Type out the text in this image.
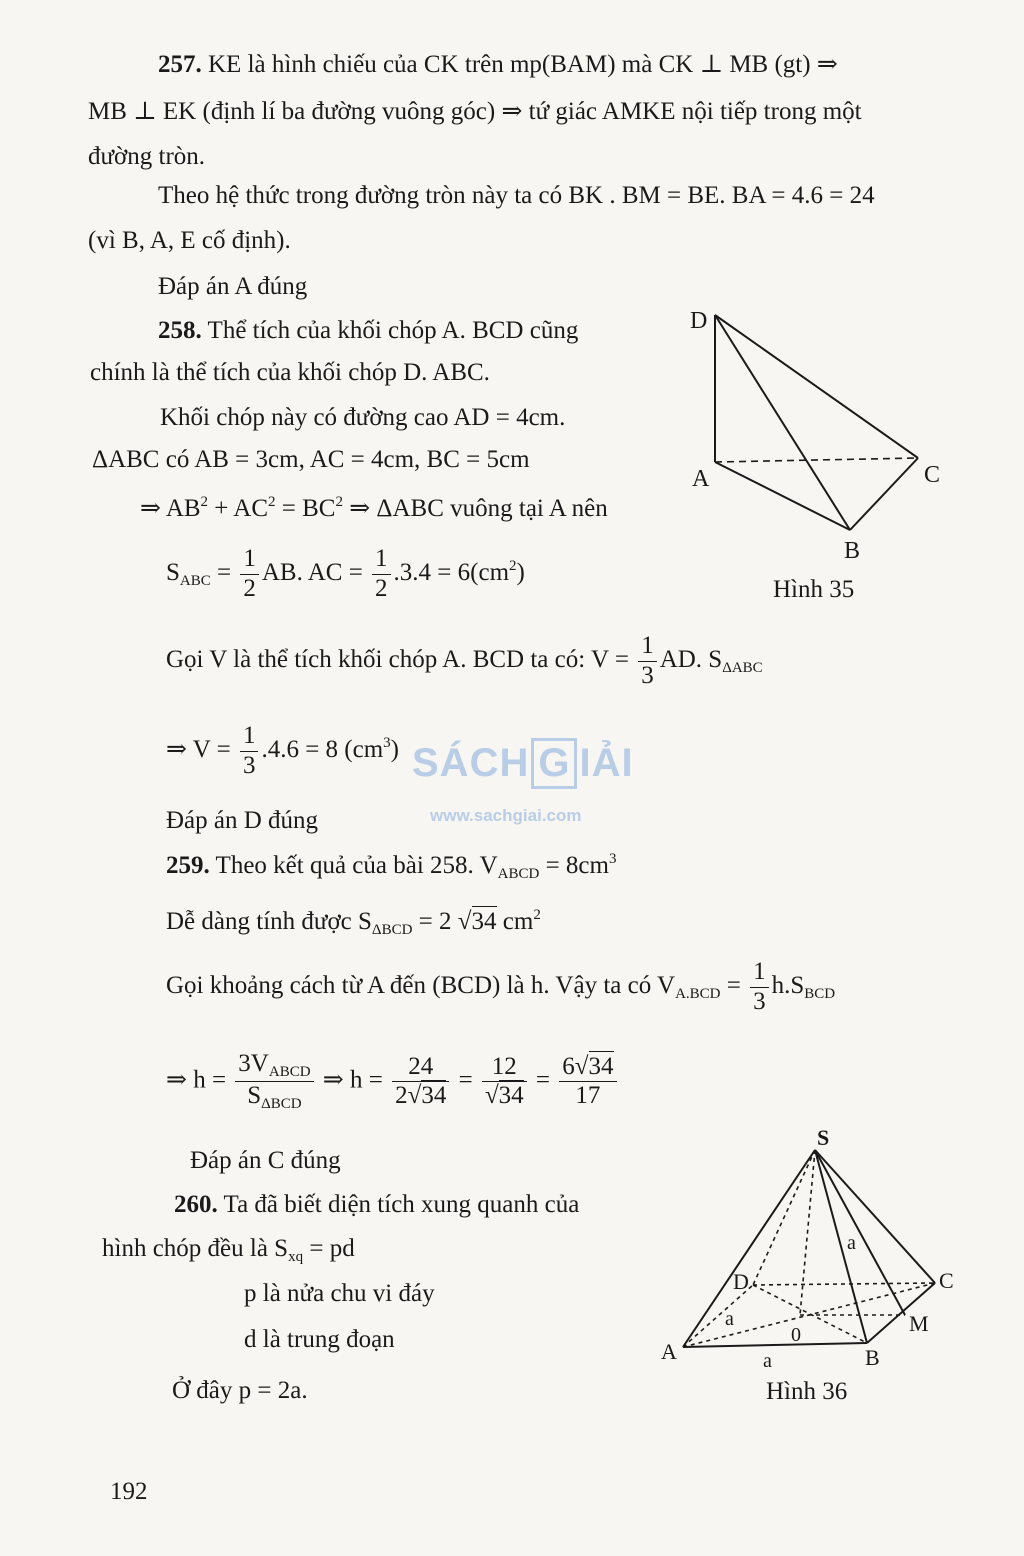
257. KE là hình chiếu của CK trên mp(BAM) mà CK ⊥ MB (gt) ⇒
MB ⊥ EK (định lí ba đường vuông góc) ⇒ tứ giác AMKE nội tiếp trong một
đường tròn.
Theo hệ thức trong đường tròn này ta có BK . BM = BE. BA = 4.6 = 24
(vì B, A, E cố định).
Đáp án A đúng
258. Thể tích của khối chóp A. BCD cũng
chính là thể tích của khối chóp D. ABC.
Khối chóp này có đường cao AD = 4cm.
ΔABC có AB = 3cm, AC = 4cm, BC = 5cm
⇒ $AB^2 + AC^2 = BC^2$ ⇒ ΔABC vuông tại A nên
$S_{ABC} = \frac{1}{2}$ AB. AC = $\frac{1}{2} .3.4 = 6(cm^2)$
Gọi V là thể tích khối chóp A. BCD ta có: $V = \frac{1}{3}$ AD. $S_{\Delta ABC}$
⇒ $V = \frac{1}{3} .4.6 = 8$ $(cm^3)$
Đáp án D đúng
259. Theo kết quả của bài 258. $V_{ABCD} = 8cm^3$
Dễ dàng tính được $S_{\Delta BCD} = 2$ √34 $cm^2$
Gọi khoảng cách từ A đến (BCD) là h. Vậy ta có $V_{A.BCD} = \frac{1}{3} h.S_{BCD}$
⇒ $h = \frac{3V_{ABCD}}{S_{\Delta BCD}}$ ⇒ $h = \frac{24}{2√34} = \frac{12}{√34} = \frac{6√34}{17}$
Đáp án C đúng
260. Ta đã biết diện tích xung quanh của
hình chóp đều là $S_{xq}$ = pd
p là nửa chu vi đáy
d là trung đoạn
Ở đây p = 2a.
D
A	C
B
Hình 35
S
D	C
A	B
M
0
a
a
a
Hình 36
SÁCH G IẢI
www.sachgiai.com
192
